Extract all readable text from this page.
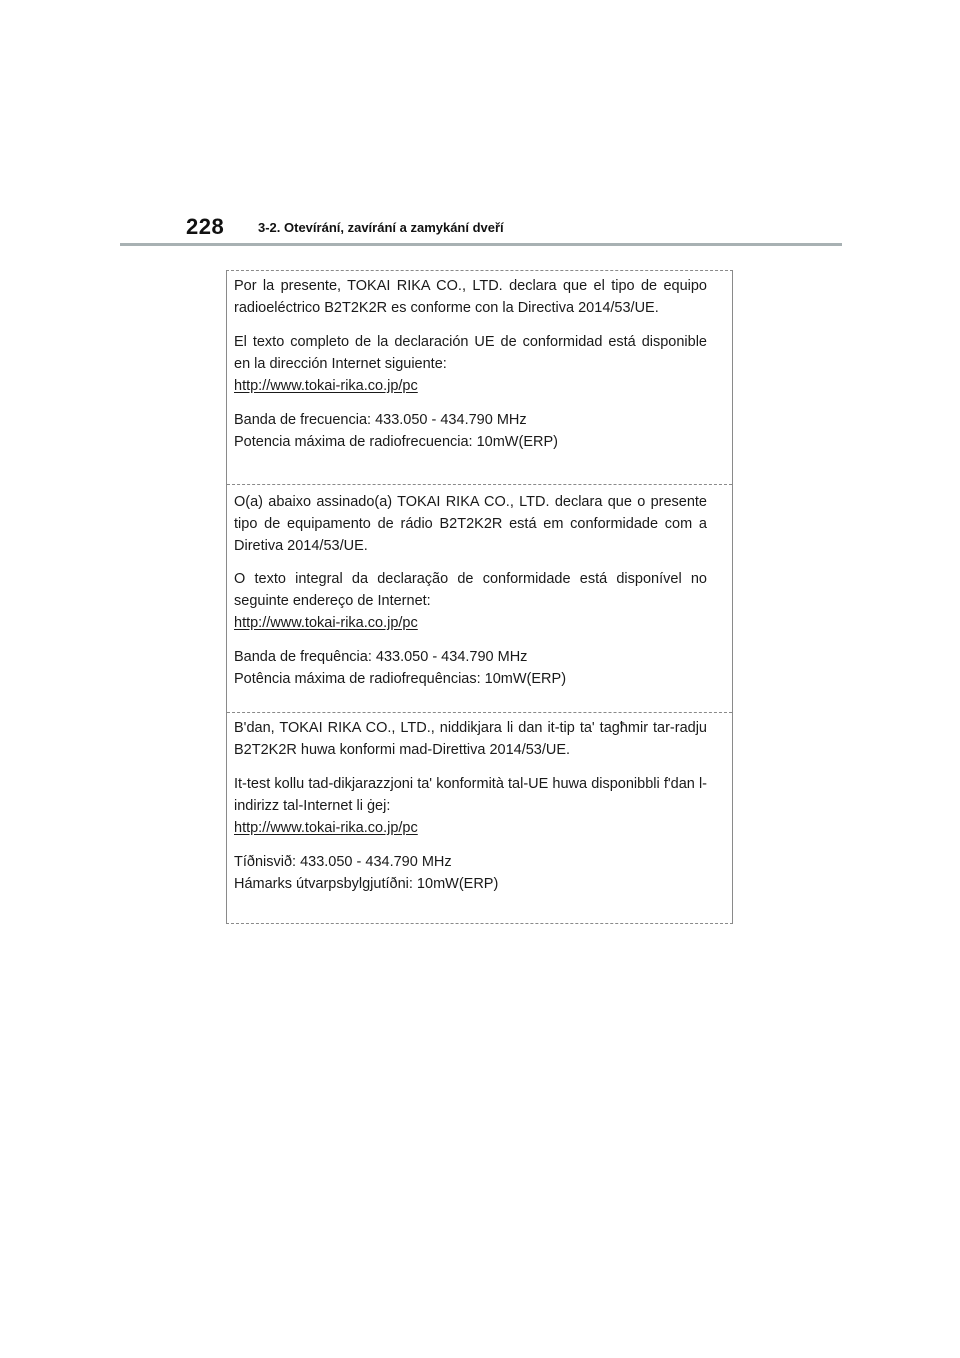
228	3-2. Otevírání, zavírání a zamykání dveří

Por la presente, TOKAI RIKA CO., LTD. declara que el tipo de equipo radioeléctrico B2T2K2R es conforme con la Directiva 2014/53/UE.

El texto completo de la declaración UE de conformidad está disponible en la dirección Internet siguiente:

http://www.tokai-rika.co.jp/pc

Banda de frecuencia: 433.050 - 434.790 MHz

Potencia máxima de radiofrecuencia: 10mW(ERP)

O(a) abaixo assinado(a) TOKAI RIKA CO., LTD. declara que o presente tipo de equipamento de rádio B2T2K2R está em conformidade com a Diretiva 2014/53/UE.

O texto integral da declaração de conformidade está disponível no seguinte endereço de Internet:

http://www.tokai-rika.co.jp/pc

Banda de frequência: 433.050 - 434.790 MHz

Potência máxima de radiofrequências: 10mW(ERP)

B'dan, TOKAI RIKA CO., LTD., niddikjara li dan it-tip ta' tagħmir tar-radju B2T2K2R huwa konformi mad-Direttiva 2014/53/UE.

It-test kollu tad-dikjarazzjoni ta' konformità tal-UE huwa disponibbli f'dan l-indirizz tal-Internet li ġej:

http://www.tokai-rika.co.jp/pc

Tíðnisvið: 433.050 - 434.790 MHz

Hámarks útvarpsbylgjutíðni: 10mW(ERP)
